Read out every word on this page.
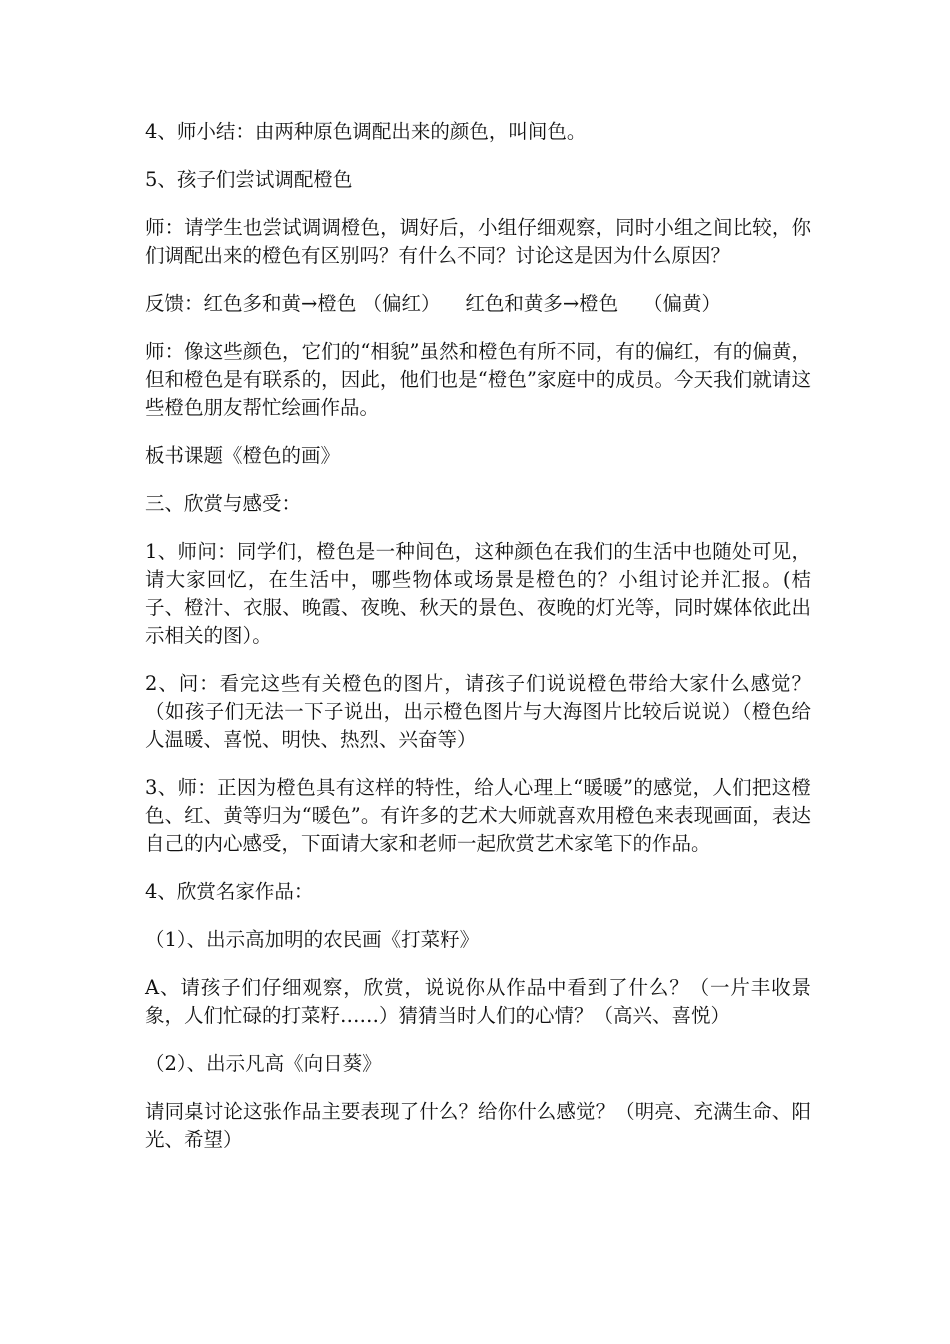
4、师小结：由两种原色调配出来的颜色，叫间色。

5、孩子们尝试调配橙色

师：请学生也尝试调调橙色，调好后，小组仔细观察，同时小组之间比较，你们调配出来的橙色有区别吗？有什么不同？讨论这是因为什么原因？

反馈：红色多和黄→橙色 （偏红）    红色和黄多→橙色    （偏黄）

师：像这些颜色，它们的“相貌”虽然和橙色有所不同，有的偏红，有的偏黄，但和橙色是有联系的，因此，他们也是“橙色”家庭中的成员。今天我们就请这些橙色朋友帮忙绘画作品。

板书课题《橙色的画》

三、欣赏与感受：

1、师问：同学们，橙色是一种间色，这种颜色在我们的生活中也随处可见，请大家回忆，在生活中，哪些物体或场景是橙色的？小组讨论并汇报。(桔子、橙汁、衣服、晚霞、夜晚、秋天的景色、夜晚的灯光等，同时媒体依此出示相关的图）。

2、问：看完这些有关橙色的图片，请孩子们说说橙色带给大家什么感觉？（如孩子们无法一下子说出，出示橙色图片与大海图片比较后说说）（橙色给人温暖、喜悦、明快、热烈、兴奋等）

3、师：正因为橙色具有这样的特性，给人心理上“暖暖”的感觉，人们把这橙色、红、黄等归为“暖色”。有许多的艺术大师就喜欢用橙色来表现画面，表达自己的内心感受，下面请大家和老师一起欣赏艺术家笔下的作品。

4、欣赏名家作品：

（1）、出示高加明的农民画《打菜籽》

A、请孩子们仔细观察，欣赏，说说你从作品中看到了什么？（一片丰收景象，人们忙碌的打菜籽……）猜猜当时人们的心情？（高兴、喜悦）

（2）、出示凡高《向日葵》

请同桌讨论这张作品主要表现了什么？给你什么感觉？（明亮、充满生命、阳光、希望）
